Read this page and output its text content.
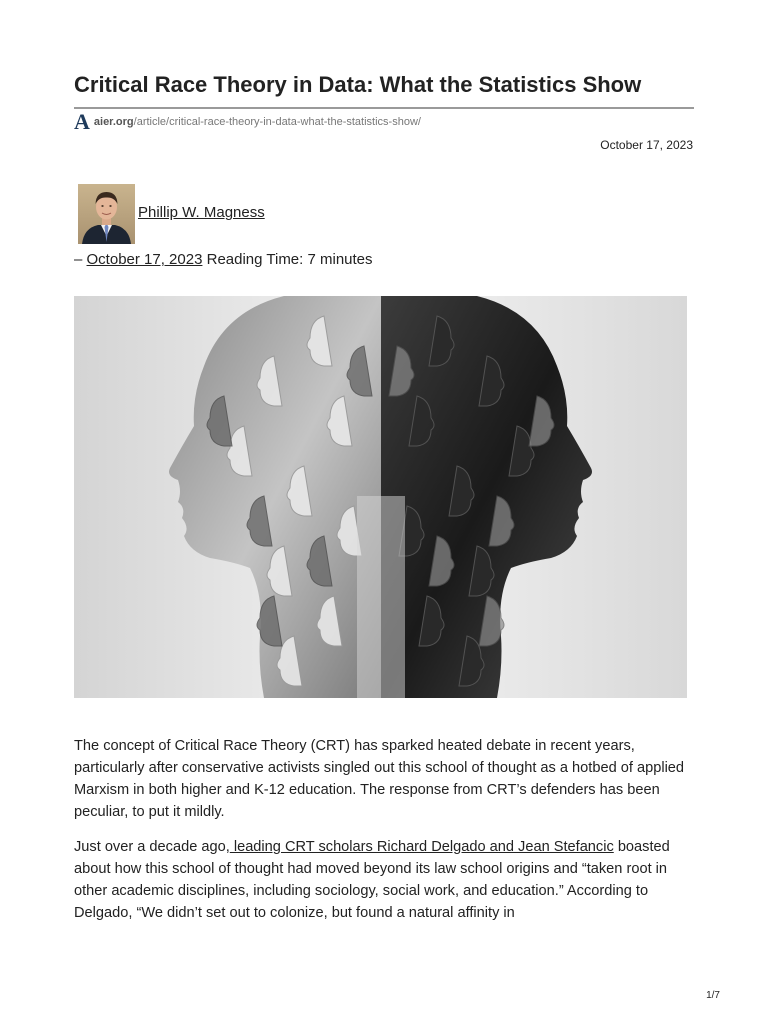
Critical Race Theory in Data: What the Statistics Show
A aier.org /article/critical-race-theory-in-data-what-the-statistics-show/
October 17, 2023
Phillip W. Magness
– October 17, 2023 Reading Time: 7 minutes

The concept of Critical Race Theory (CRT) has sparked heated debate in recent years, particularly after conservative activists singled out this school of thought as a hotbed of applied Marxism in both higher and K-12 education. The response from CRT’s defenders has been peculiar, to put it mildly.

Just over a decade ago, leading CRT scholars Richard Delgado and Jean Stefancic boasted about how this school of thought had moved beyond its law school origins and “taken root in other academic disciplines, including sociology, social work, and education.” According to Delgado, “We didn’t set out to colonize, but found a natural affinity in

1/7
